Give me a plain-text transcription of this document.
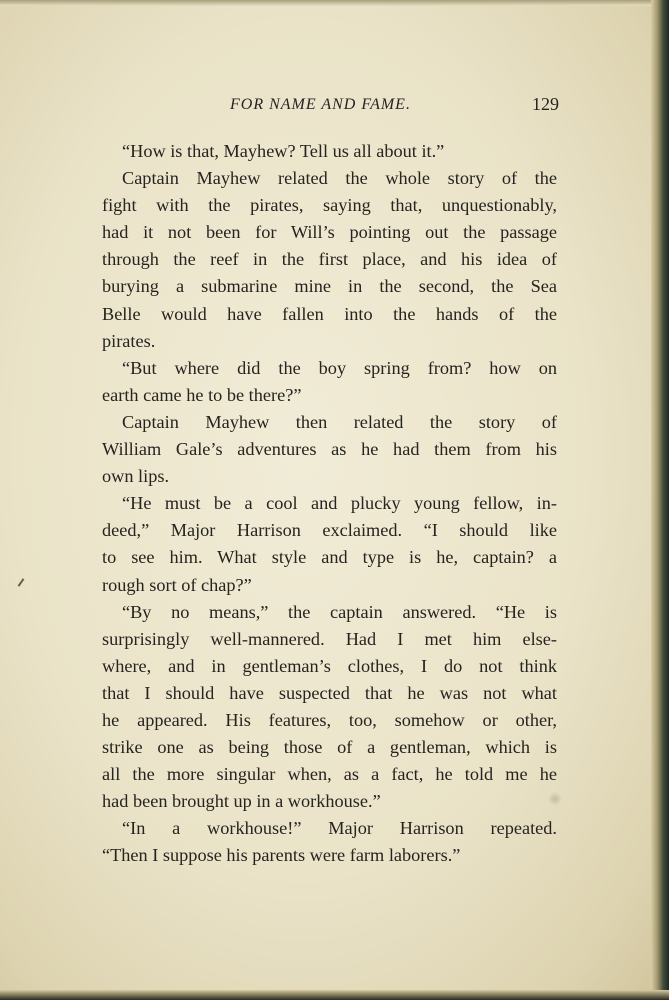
FOR NAME AND FAME.	129
“How is that, Mayhew? Tell us all about it.”
Captain Mayhew related the whole story of the
fight with the pirates, saying that, unquestionably,
had it not been for Will’s pointing out the passage
through the reef in the first place, and his idea of
burying a submarine mine in the second, the Sea
Belle would have fallen into the hands of the
pirates.
“But where did the boy spring from? how on
earth came he to be there?”
Captain Mayhew then related the story of
William Gale’s adventures as he had them from his
own lips.
“He must be a cool and plucky young fellow, in-
deed,” Major Harrison exclaimed. “I should like
to see him. What style and type is he, captain? a
rough sort of chap?”
“By no means,” the captain answered. “He is
surprisingly well-mannered. Had I met him else-
where, and in gentleman’s clothes, I do not think
that I should have suspected that he was not what
he appeared. His features, too, somehow or other,
strike one as being those of a gentleman, which is
all the more singular when, as a fact, he told me he
had been brought up in a workhouse.”
“In a workhouse!” Major Harrison repeated.
“Then I suppose his parents were farm laborers.”
